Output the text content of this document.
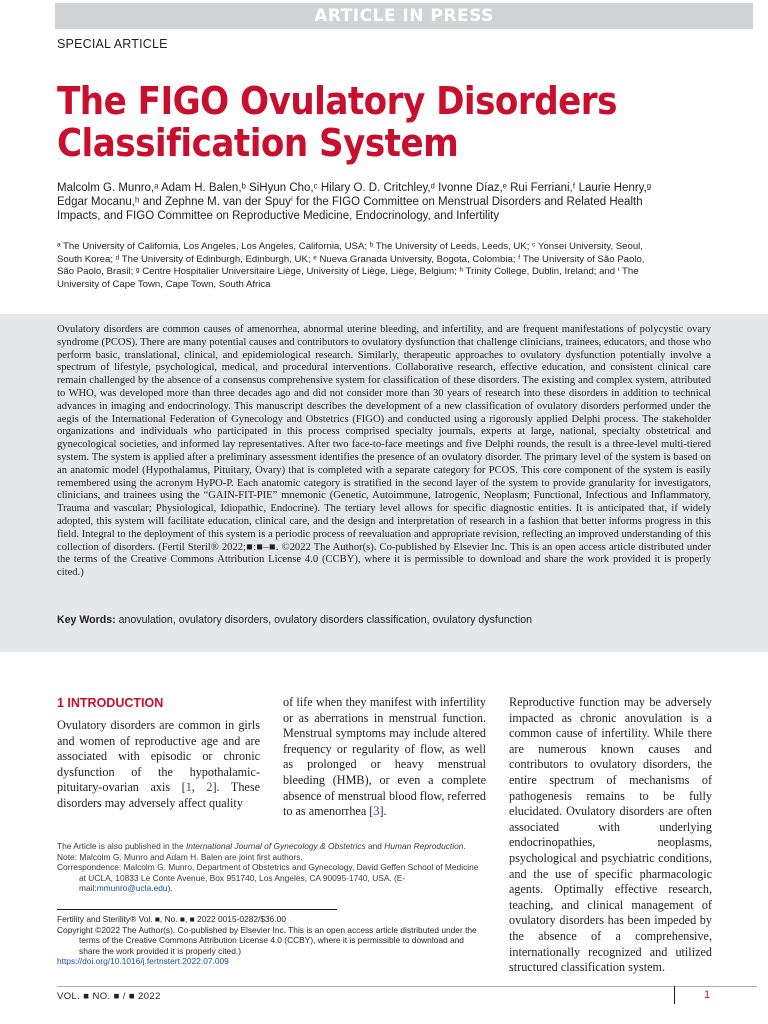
ARTICLE IN PRESS
SPECIAL ARTICLE
The FIGO Ovulatory Disorders Classification System

Malcolm G. Munro,ᵃ Adam H. Balen,ᵇ SiHyun Cho,ᶜ Hilary O. D. Critchley,ᵈ Ivonne Díaz,ᵉ Rui Ferriani,ᶠ Laurie Henry,ᵍ Edgar Mocanu,ʰ and Zephne M. van der Spuyⁱ for the FIGO Committee on Menstrual Disorders and Related Health Impacts, and FIGO Committee on Reproductive Medicine, Endocrinology, and Infertility

ᵃ The University of California, Los Angeles, Los Angeles, California, USA; ᵇ The University of Leeds, Leeds, UK; ᶜ Yonsei University, Seoul, South Korea; ᵈ The University of Edinburgh, Edinburgh, UK; ᵉ Nueva Granada University, Bogota, Colombia; ᶠ The University of São Paolo, São Paolo, Brasil; ᵍ Centre Hospitalier Universitaire Liège, University of Liège, Liège, Belgium; ʰ Trinity College, Dublin, Ireland; and ⁱ The University of Cape Town, Cape Town, South Africa

Ovulatory disorders are common causes of amenorrhea, abnormal uterine bleeding, and infertility, and are frequent manifestations of polycystic ovary syndrome (PCOS). There are many potential causes and contributors to ovulatory dysfunction that challenge clinicians, trainees, educators, and those who perform basic, translational, clinical, and epidemiological research. Similarly, therapeutic approaches to ovulatory dysfunction potentially involve a spectrum of lifestyle, psychological, medical, and procedural interventions. Collaborative research, effective education, and consistent clinical care remain challenged by the absence of a consensus comprehensive system for classification of these disorders. The existing and complex system, attributed to WHO, was developed more than three decades ago and did not consider more than 30 years of research into these disorders in addition to technical advances in imaging and endocrinology. This manuscript describes the development of a new classification of ovulatory disorders performed under the aegis of the International Federation of Gynecology and Obstetrics (FIGO) and conducted using a rigorously applied Delphi process. The stakeholder organizations and individuals who participated in this process comprised specialty journals, experts at large, national, specialty obstetrical and gynecological societies, and informed lay representatives. After two face-to-face meetings and five Delphi rounds, the result is a three-level multi-tiered system. The system is applied after a preliminary assessment identifies the presence of an ovulatory disorder. The primary level of the system is based on an anatomic model (Hypothalamus, Pituitary, Ovary) that is completed with a separate category for PCOS. This core component of the system is easily remembered using the acronym HyPO-P. Each anatomic category is stratified in the second layer of the system to provide granularity for investigators, clinicians, and trainees using the “GAIN-FIT-PIE” mnemonic (Genetic, Autoimmune, Iatrogenic, Neoplasm; Functional, Infectious and Inflammatory, Trauma and vascular; Physiological, Idiopathic, Endocrine). The tertiary level allows for specific diagnostic entities. It is anticipated that, if widely adopted, this system will facilitate education, clinical care, and the design and interpretation of research in a fashion that better informs progress in this field. Integral to the deployment of this system is a periodic process of reevaluation and appropriate revision, reflecting an improved understanding of this collection of disorders. (Fertil Steril® 2022;■:■–■. ©2022 The Author(s). Co-published by Elsevier Inc. This is an open access article distributed under the terms of the Creative Commons Attribution License 4.0 (CCBY), where it is permissible to download and share the work provided it is properly cited.)

Key Words: anovulation, ovulatory disorders, ovulatory disorders classification, ovulatory dysfunction

1 INTRODUCTION

Ovulatory disorders are common in girls and women of reproductive age and are associated with episodic or chronic dysfunction of the hypothalamic-pituitary-ovarian axis [1, 2]. These disorders may adversely affect quality

of life when they manifest with infertility or as aberrations in menstrual function. Menstrual symptoms may include altered frequency or regularity of flow, as well as prolonged or heavy menstrual bleeding (HMB), or even a complete absence of menstrual blood flow, referred to as amenorrhea [3].

Reproductive function may be adversely impacted as chronic anovulation is a common cause of infertility. While there are numerous known causes and contributors to ovulatory disorders, the entire spectrum of mechanisms of pathogenesis remains to be fully elucidated. Ovulatory disorders are often associated with underlying endocrinopathies, neoplasms, psychological and psychiatric conditions, and the use of specific pharmacologic agents. Optimally effective research, teaching, and clinical management of ovulatory disorders has been impeded by the absence of a comprehensive, internationally recognized and utilized structured classification system.

The Article is also published in the International Journal of Gynecology & Obstetrics and Human Reproduction.

Note: Malcolm G. Munro and Adam H. Balen are joint first authors.

Correspondence: Malcolm G. Munro, Department of Obstetrics and Gynecology, David Geffen School of Medicine at UCLA, 10833 Le Conte Avenue, Box 951740, Los Angeles, CA 90095-1740, USA. (E-mail:mmunro@ucla.edu).

Fertility and Sterility® Vol. ■, No. ■, ■ 2022 0015-0282/$36.00

Copyright ©2022 The Author(s). Co-published by Elsevier Inc. This is an open access article distributed under the terms of the Creative Commons Attribution License 4.0 (CCBY), where it is permissible to download and share the work provided it is properly cited.)

https://doi.org/10.1016/j.fertnstert.2022.07.009
VOL. ■ NO. ■ / ■ 2022	1
